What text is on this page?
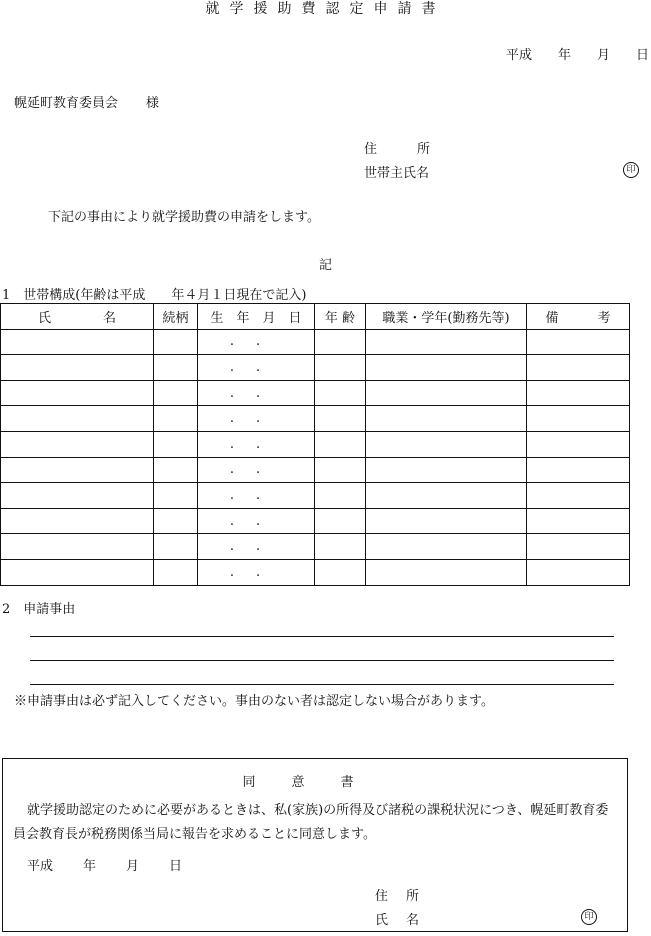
就学援助費認定申請書
平成 年 月 日
幌延町教育委員会 様
住	所
世帯主氏名	印
下記の事由により就学援助費の申請をします。
記
1　世帯構成(年齢は平成　　年４月１日現在で記入)
氏　　　　名	続柄	生　年　月　日	年 齢	職業・学年(勤務先等)	備　　　考
		..			
		..			
		..			
		..			
		..			
		..			
		..			
		..			
		..			
		..			
2　申請事由
※申請事由は必ず記入してください。事由のない者は認定しない場合があります。
同意書
就学援助認定のために必要があるときは、私(家族)の所得及び諸税の課税状況につき、幌延町教育委員会教育長が税務関係当局に報告を求めることに同意します。
平成 年 月 日
住 所
氏 名	印
